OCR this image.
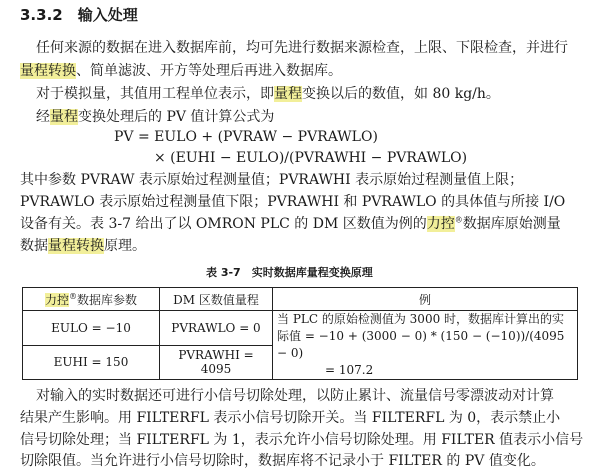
3.3.2  输入处理
任何来源的数据在进入数据库前，均可先进行数据来源检查，上限、下限检查，并进行
量程转换、简单滤波、开方等处理后再进入数据库。
对于模拟量，其值用工程单位表示，即量程变换以后的数值，如 80 kg/h。
经量程变换处理后的 PV 值计算公式为
PV = EULO + (PVRAW − PVRAWLO)
× (EUHI − EULO)/(PVRAWHI − PVRAWLO)
其中参数 PVRAW 表示原始过程测量值；PVRAWHI 表示原始过程测量值上限；
PVRAWLO 表示原始过程测量值下限；PVRAWHI 和 PVRAWLO 的具体值与所接 I/O
设备有关。表 3-7 给出了以 OMRON PLC 的 DM 区数值为例的力控®数据库原始测量
数据量程转换原理。
表 3-7　实时数据库量程变换原理
力控®数据库参数	DM 区数值量程	例
EULO = −10	PVRAWLO = 0	当 PLC 的原始检测值为 3000 时，数据库计算出的实
际值 = −10 + (3000 − 0) * (150 − (−10))/(4095 − 0)
= 107.2

EUHI = 150	PVRAWHI = 4095	
对输入的实时数据还可进行小信号切除处理，以防止累计、流量信号零漂波动对计算
结果产生影响。用 FILTERFL 表示小信号切除开关。当 FILTERFL 为 0，表示禁止小
信号切除处理；当 FILTERFL 为 1，表示允许小信号切除处理。用 FILTER 值表示小信号
切除限值。当允许进行小信号切除时，数据库将不记录小于 FILTER 的 PV 值变化。
